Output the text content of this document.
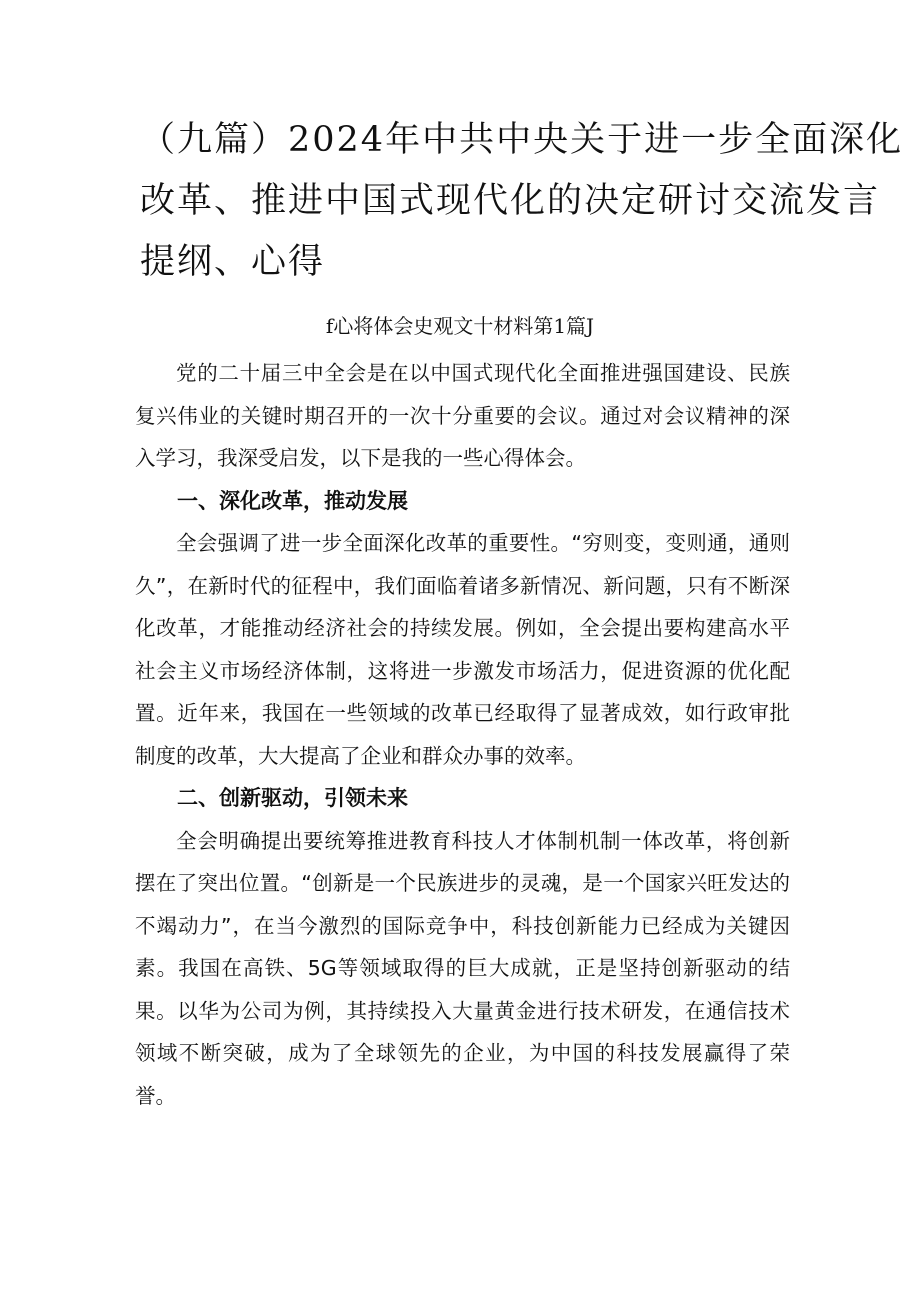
（九篇）2024年中共中央关于进一步全面深化
改革、推进中国式现代化的决定研讨交流发言
提纲、心得
f心将体会史观文十材料第1篇J

党的二十届三中全会是在以中国式现代化全面推进强国建设、民族复兴伟业的关键时期召开的一次十分重要的会议。通过对会议精神的深入学习，我深受启发，以下是我的一些心得体会。

一、深化改革，推动发展

全会强调了进一步全面深化改革的重要性。“穷则变，变则通，通则久”，在新时代的征程中，我们面临着诸多新情况、新问题，只有不断深化改革，才能推动经济社会的持续发展。例如，全会提出要构建高水平社会主义市场经济体制，这将进一步激发市场活力，促进资源的优化配置。近年来，我国在一些领域的改革已经取得了显著成效，如行政审批制度的改革，大大提高了企业和群众办事的效率。

二、创新驱动，引领未来

全会明确提出要统筹推进教育科技人才体制机制一体改革，将创新摆在了突出位置。“创新是一个民族进步的灵魂，是一个国家兴旺发达的不竭动力”，在当今激烈的国际竞争中，科技创新能力已经成为关键因素。我国在高铁、5G等领域取得的巨大成就，正是坚持创新驱动的结果。以华为公司为例，其持续投入大量黄金进行技术研发，在通信技术领域不断突破，成为了全球领先的企业，为中国的科技发展赢得了荣誉。
